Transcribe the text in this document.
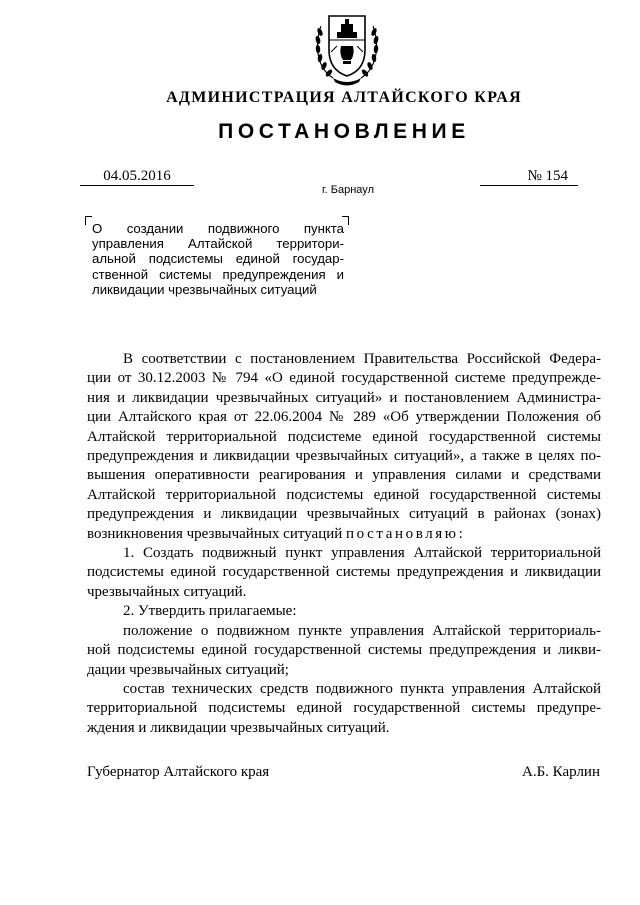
АДМИНИСТРАЦИЯ АЛТАЙСКОГО КРАЯ
ПОСТАНОВЛЕНИЕ
04.05.2016	№ 154
г. Барнаул
О создании подвижного пункта
управления Алтайской территори-
альной подсистемы единой государ-
ственной системы предупреждения и
ликвидации чрезвычайных ситуаций
В соответствии с постановлением Правительства Российской Федера-
ции от 30.12.2003 № 794 «О единой государственной системе предупрежде-
ния и ликвидации чрезвычайных ситуаций» и постановлением Администра-
ции Алтайского края от 22.06.2004 № 289 «Об утверждении Положения об
Алтайской территориальной подсистеме единой государственной системы
предупреждения и ликвидации чрезвычайных ситуаций», а также в целях по-
вышения оперативности реагирования и управления силами и средствами
Алтайской территориальной подсистемы единой государственной системы
предупреждения и ликвидации чрезвычайных ситуаций в районах (зонах)
возникновения чрезвычайных ситуаций постановляю:
1. Создать подвижный пункт управления Алтайской территориальной
подсистемы единой государственной системы предупреждения и ликвидации
чрезвычайных ситуаций.
2. Утвердить прилагаемые:
положение о подвижном пункте управления Алтайской территориаль-
ной подсистемы единой государственной системы предупреждения и ликви-
дации чрезвычайных ситуаций;
состав технических средств подвижного пункта управления Алтайской
территориальной подсистемы единой государственной системы предупре-
ждения и ликвидации чрезвычайных ситуаций.
Губернатор Алтайского края	А.Б. Карлин
